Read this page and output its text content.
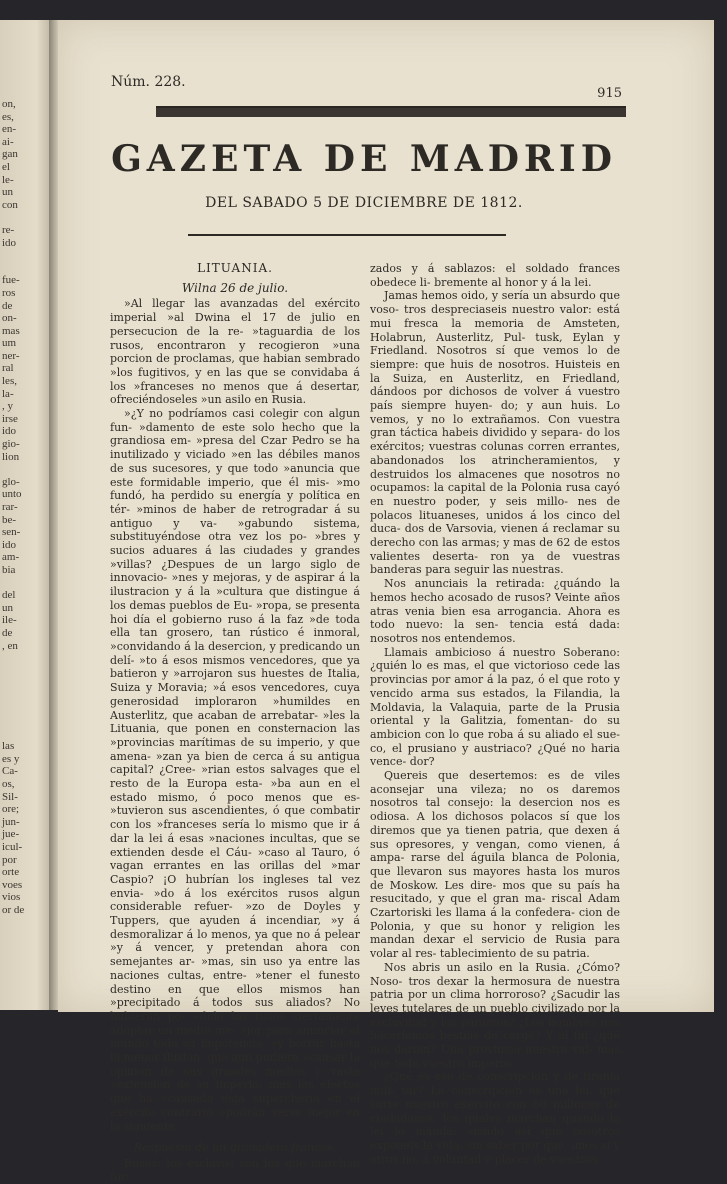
on,
es,
en-
ai-
gan
el
le-
un
con

re-
ido

fue-
ros
de
on-
mas
um
ner-
ral
les,
la-
, y
irse
ido
gio-
lion

glo-
unto
rar-
be-
sen-
ido
am-
bia

del
un
ile-
de
, en

las
es y
Ca-
os,
Sil-
ore;
jun-
jue-
icul-
por
orte
voes
vios
or de
Núm. 228.
915
GAZETA DE MADRID
DEL SABADO 5 DE DICIEMBRE DE 1812.
LITUANIA.
Wilna 26 de julio.

»Al llegar las avanzadas del exército imperial »al Dwina el 17 de julio en persecucion de la re- »taguardia de los rusos, encontraron y recogieron »una porcion de proclamas, que habian sembrado »los fugitivos, y en las que se convidaba á los »franceses no menos que á desertar, ofreciéndoseles »un asilo en Rusia.

»¿Y no podríamos casi colegir con algun fun- »damento de este solo hecho que la grandiosa em- »presa del Czar Pedro se ha inutilizado y viciado »en las débiles manos de sus sucesores, y que todo »anuncia que este formidable imperio, que él mis- »mo fundó, ha perdido su energía y política en tér- »minos de haber de retrogradar á su antiguo y va- »gabundo sistema, substituyéndose otra vez los po- »bres y sucios aduares á las ciudades y grandes »villas? ¿Despues de un largo siglo de innovacio- »nes y mejoras, y de aspirar á la ilustracion y á la »cultura que distingue á los demas pueblos de Eu- »ropa, se presenta hoi día el gobierno ruso á la faz »de toda ella tan grosero, tan rústico é inmoral, »convidando á la desercion, y predicando un delí- »to á esos mismos vencedores, que ya batieron y »arrojaron sus huestes de Italia, Suiza y Moravia; »á esos vencedores, cuya generosidad imploraron »humildes en Austerlitz, que acaban de arrebatar- »les la Lituania, que ponen en consternacion las »provincias marítimas de su imperio, y que amena- »zan ya bien de cerca á su antigua capital? ¿Cree- »rian estos salvages que el resto de la Europa esta- »ba aun en el estado mismo, ó poco menos que es- »tuvieron sus ascendientes, ó que combatir con los »franceses sería lo mismo que ir á dar la lei á esas »naciones incultas, que se extienden desde el Cáu- »caso al Tauro, ó vagan errantes en las orillas del »mar Caspio? ¡O hubrían los ingleses tal vez envia- »do á los exércitos rusos algun considerable refuer- »zo de Doyles y Tuppers, que ayuden á incendiar, »y á desmoralizar á lo menos, ya que no á pelear »y á vencer, y pretendan ahora con semejantes ar- »mas, sin uso ya entre las naciones cultas, entre- »tener el funesto destino en que ellos mismos han »precipitado á todos sus aliados? No hubieran po- »dido los rusos ciertamente adoptar un medio me- »jor para anunciar al mundo toda su impotencia, »y borrar hasta la menor ilusion, que aun pudiera »causar la opinion de sus grandes medios y vasta »extension de su imperio; mas los efectos que ha »causado esta superchería en el exército contrario »podrán verse mejor en la siguiente

Respuesta de un granadero frances.

Rusos: los esclavos son los que marchan for-

zados y á sablazos: el soldado frances obedece li- bremente al honor y á la lei.

Jamas hemos oido, y sería un absurdo que voso- tros despreciaseis nuestro valor: está mui fresca la memoria de Amsteten, Holabrun, Austerlitz, Pul- tusk, Eylan y Friedland. Nosotros sí que vemos lo de siempre: que huis de nosotros. Huisteis en la Suiza, en Austerlitz, en Friedland, dándoos por dichosos de volver á vuestro país siempre huyen- do; y aun huis. Lo vemos, y no lo extrañamos. Con vuestra gran táctica habeis dividido y separa- do los exércitos; vuestras colunas corren errantes, abandonados los atrincheramientos, y destruidos los almacenes que nosotros no ocupamos: la capital de la Polonia rusa cayó en nuestro poder, y seis millo- nes de polacos lituaneses, unidos á los cinco del duca- dos de Varsovia, vienen á reclamar su derecho con las armas; y mas de 62 de estos valientes deserta- ron ya de vuestras banderas para seguir las nuestras.

Nos anunciais la retirada: ¿quándo la hemos hecho acosado de rusos? Veinte años atras venia bien esa arrogancia. Ahora es todo nuevo: la sen- tencia está dada: nosotros nos entendemos.

Llamais ambicioso á nuestro Soberano: ¿quién lo es mas, el que victorioso cede las provincias por amor á la paz, ó el que roto y vencido arma sus estados, la Filandia, la Moldavia, la Valaquia, parte de la Prusia oriental y la Galitzia, fomentan- do su ambicion con lo que roba á su aliado el sue- co, el prusiano y austriaco? ¿Qué no haria vence- dor?

Quereis que desertemos: es de viles aconsejar una vileza; no os daremos nosotros tal consejo: la desercion nos es odiosa. A los dichosos polacos sí que los diremos que ya tienen patria, que dexen á sus opresores, y vengan, como vienen, á ampa- rarse del águila blanca de Polonia, que llevaron sus mayores hasta los muros de Moskow. Les dire- mos que su país ha resucitado, y que el gran ma- riscal Adam Czartoriski les llama á la confedera- cion de Polonia, y que su honor y religion les mandan dexar el servicio de Rusia para volar al res- tablecimiento de su patria.

Nos abris un asilo en la Rusia. ¿Cómo? Noso- tros dexar la hermosura de nuestra patria por un clima horroroso? ¿Sacudir las leyes tutelares de un pueblo civilizado por la esclavitud y los páramos? ¿Los hombres nos haceríamos bestias de carga? Y al fin ¿qué nos darian? Una provincia nuestra val- mas que todo vuestro imperio.

¿Qué es eso de conscripcion y de tiranía mili- tar? La conscripcion es una lei, que surte nuestro exército con 60 millones de ciudadanos, los quales marchan quando la lei lo manda: siendo así que vosotros exponeis la vida, sin saber por qué, unos sí y otros no, á voluntad y placer de vuestros
